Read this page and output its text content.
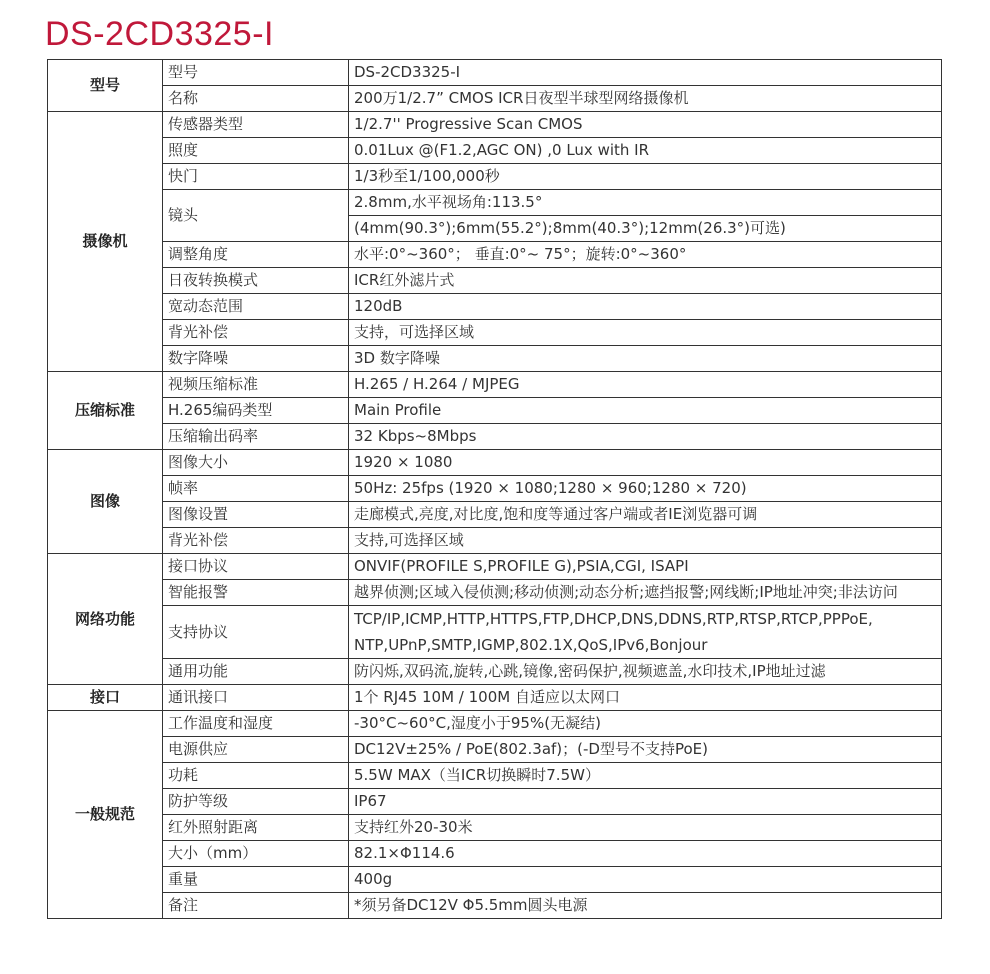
DS-2CD3325-I
型号	型号	DS-2CD3325-I
	名称	200万1/2.7” CMOS ICR日夜型半球型网络摄像机
摄像机	传感器类型	1/2.7'' Progressive Scan CMOS
	照度	0.01Lux @(F1.2,AGC ON) ,0 Lux with IR
	快门	1/3秒至1/100,000秒
	镜头	2.8mm,水平视场角:113.5°
		(4mm(90.3°);6mm(55.2°);8mm(40.3°);12mm(26.3°)可选)
	调整角度	水平:0°~360°； 垂直:0°~ 75°；旋转:0°~360°
	日夜转换模式	ICR红外滤片式
	宽动态范围	120dB
	背光补偿	支持，可选择区域
	数字降噪	3D 数字降噪
压缩标准	视频压缩标准	H.265 / H.264 / MJPEG
	H.265编码类型	Main Profile
	压缩输出码率	32 Kbps~8Mbps
图像	图像大小	1920 × 1080
	帧率	50Hz: 25fps (1920 × 1080;1280 × 960;1280 × 720)
	图像设置	走廊模式,亮度,对比度,饱和度等通过客户端或者IE浏览器可调
	背光补偿	支持,可选择区域
网络功能	接口协议	ONVIF(PROFILE S,PROFILE G),PSIA,CGI, ISAPI
	智能报警	越界侦测;区域入侵侦测;移动侦测;动态分析;遮挡报警;网线断;IP地址冲突;非法访问
	支持协议	TCP/IP,ICMP,HTTP,HTTPS,FTP,DHCP,DNS,DDNS,RTP,RTSP,RTCP,PPPoE, NTP,UPnP,SMTP,IGMP,802.1X,QoS,IPv6,Bonjour
	通用功能	防闪烁,双码流,旋转,心跳,镜像,密码保护,视频遮盖,水印技术,IP地址过滤
接口	通讯接口	1个 RJ45 10M / 100M 自适应以太网口
一般规范	工作温度和湿度	-30°C~60°C,湿度小于95%(无凝结)
	电源供应	DC12V±25% / PoE(802.3af)；(-D型号不支持PoE)
	功耗	5.5W MAX（当ICR切换瞬时7.5W）
	防护等级	IP67
	红外照射距离	支持红外20-30米
	大小（mm）	82.1×Φ114.6
	重量	400g
	备注	*须另备DC12V Φ5.5mm圆头电源
